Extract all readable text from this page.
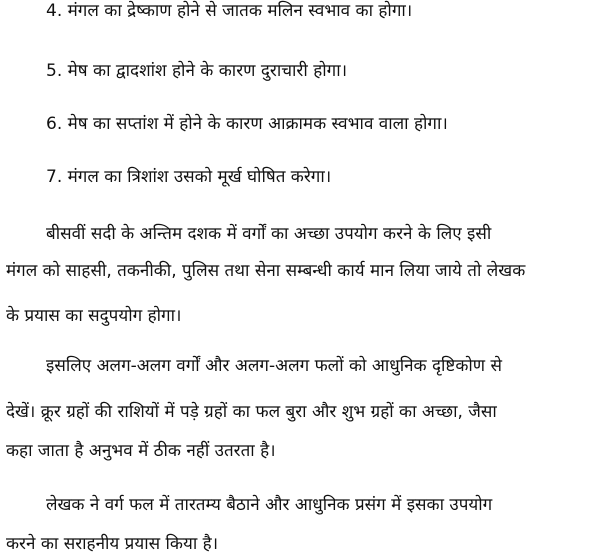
4. मंगल का द्रेष्काण होने से जातक मलिन स्वभाव का होगा।
5. मेष का द्वादशांश होने के कारण दुराचारी होगा।
6. मेष का सप्तांश में होने के कारण आक्रामक स्वभाव वाला होगा।
7. मंगल का त्रिशांश उसको मूर्ख घोषित करेगा।
बीसवीं सदी के अन्तिम दशक में वर्गों का अच्छा उपयोग करने के लिए इसी
मंगल को साहसी, तकनीकी, पुलिस तथा सेना सम्बन्धी कार्य मान लिया जाये तो लेखक
के प्रयास का सदुपयोग होगा।
इसलिए अलग-अलग वर्गों और अलग-अलग फलों को आधुनिक दृष्टिकोण से
देखें। क्रूर ग्रहों की राशियों में पड़े ग्रहों का फल बुरा और शुभ ग्रहों का अच्छा, जैसा
कहा जाता है अनुभव में ठीक नहीं उतरता है।
लेखक ने वर्ग फल में तारतम्य बैठाने और आधुनिक प्रसंग में इसका उपयोग
करने का सराहनीय प्रयास किया है।
